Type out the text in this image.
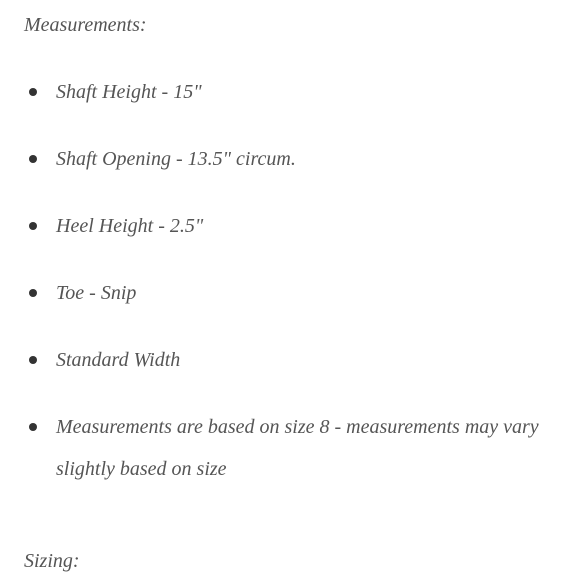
Measurements:

Shaft Height - 15"

Shaft Opening - 13.5" circum.

Heel Height - 2.5"

Toe - Snip

Standard Width

Measurements are based on size 8 - measurements may vary slightly based on size

Sizing:
